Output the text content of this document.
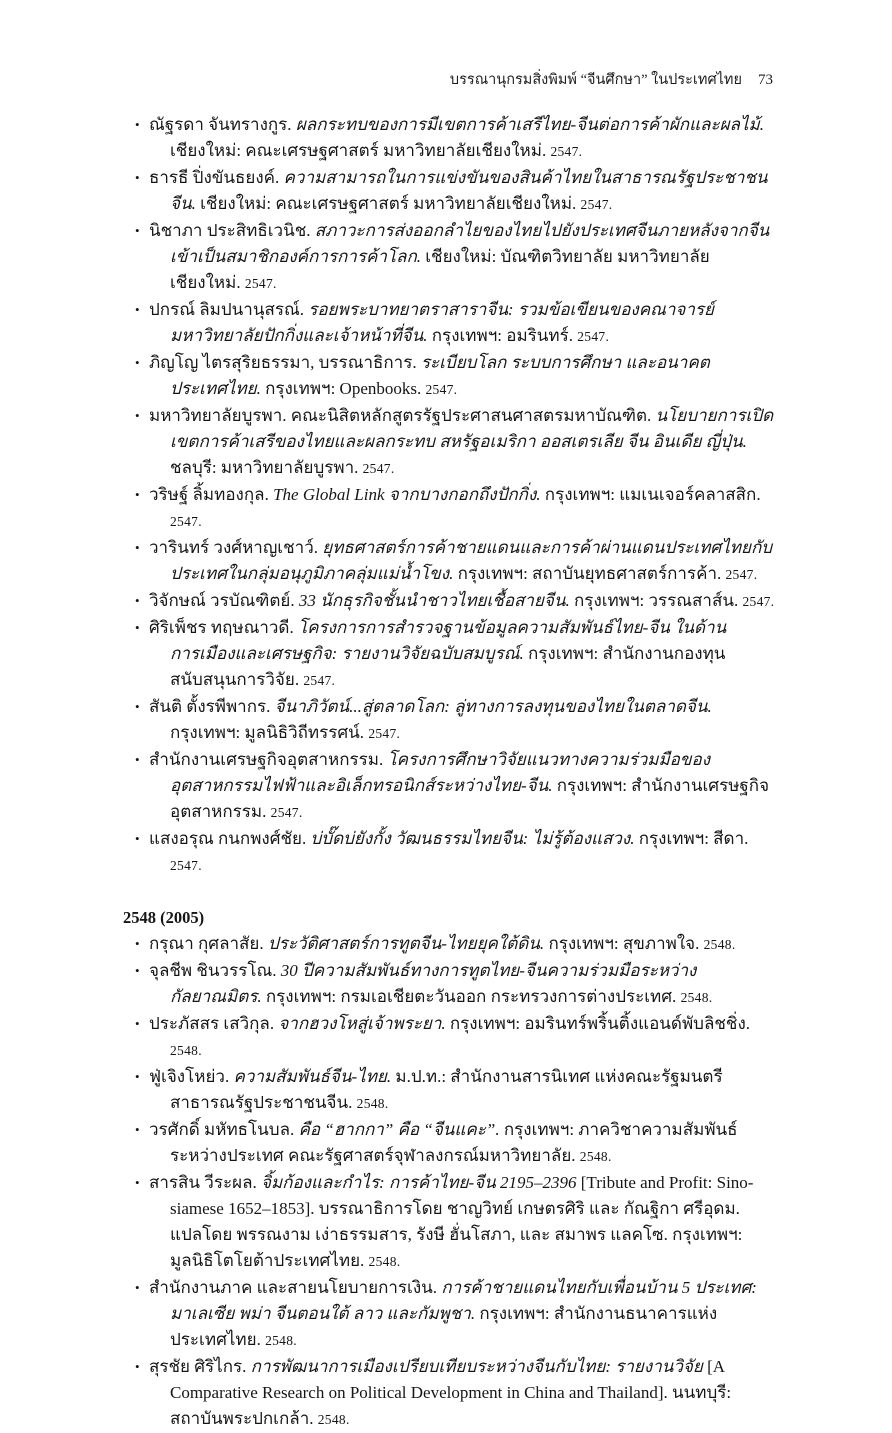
บรรณานุกรมสิ่งพิมพ์ “จีนศึกษา” ในประเทศไทย 73
• ณัฐรดา จันทรางกูร. ผลกระทบของการมีเขตการค้าเสรีไทย-จีนต่อการค้าผักและผลไม้. เชียงใหม่: คณะเศรษฐศาสตร์ มหาวิทยาลัยเชียงใหม่. 2547.
• ธารธี ปิ่งขันธยงค์. ความสามารถในการแข่งขันของสินค้าไทยในสาธารณรัฐประชาชนจีน. เชียงใหม่: คณะเศรษฐศาสตร์ มหาวิทยาลัยเชียงใหม่. 2547.
• นิชาภา ประสิทธิเวนิช. สภาวะการส่งออกลำไยของไทยไปยังประเทศจีนภายหลังจากจีนเข้าเป็นสมาชิกองค์การการค้าโลก. เชียงใหม่: บัณฑิตวิทยาลัย มหาวิทยาลัยเชียงใหม่. 2547.
• ปกรณ์ ลิมปนานุสรณ์. รอยพระบาทยาตราสาราจีน: รวมข้อเขียนของคณาจารย์มหาวิทยาลัยปักกิ่งและเจ้าหน้าที่จีน. กรุงเทพฯ: อมรินทร์. 2547.
• ภิญโญ ไตรสุริยธรรมา, บรรณาธิการ. ระเบียบโลก ระบบการศึกษา และอนาคตประเทศไทย. กรุงเทพฯ: Openbooks. 2547.
• มหาวิทยาลัยบูรพา. คณะนิสิตหลักสูตรรัฐประศาสนศาสตรมหาบัณฑิต. นโยบายการเปิดเขตการค้าเสรีของไทยและผลกระทบ สหรัฐอเมริกา ออสเตรเลีย จีน อินเดีย ญี่ปุ่น. ชลบุรี: มหาวิทยาลัยบูรพา. 2547.
• วริษฐ์ ลิ้มทองกุล. The Global Link จากบางกอกถึงปักกิ่ง. กรุงเทพฯ: แมเนเจอร์คลาสสิก. 2547.
• วารินทร์ วงศ์หาญเชาว์. ยุทธศาสตร์การค้าชายแดนและการค้าผ่านแดนประเทศไทยกับประเทศในกลุ่มอนุภูมิภาคลุ่มแม่น้ำโขง. กรุงเทพฯ: สถาบันยุทธศาสตร์การค้า. 2547.
• วิจักษณ์ วรบัณฑิตย์. 33 นักธุรกิจชั้นนำชาวไทยเชื้อสายจีน. กรุงเทพฯ: วรรณสาส์น. 2547.
• ศิริเพ็ชร ทฤษณาวดี. โครงการการสำรวจฐานข้อมูลความสัมพันธ์ไทย-จีน ในด้านการเมืองและเศรษฐกิจ: รายงานวิจัยฉบับสมบูรณ์. กรุงเทพฯ: สำนักงานกองทุนสนับสนุนการวิจัย. 2547.
• สันติ ตั้งรพีพากร. จีนาภิวัตน์...สู่ตลาดโลก: ลู่ทางการลงทุนของไทยในตลาดจีน. กรุงเทพฯ: มูลนิธิวิถีทรรศน์. 2547.
• สำนักงานเศรษฐกิจอุตสาหกรรม. โครงการศึกษาวิจัยแนวทางความร่วมมือของอุตสาหกรรมไฟฟ้าและอิเล็กทรอนิกส์ระหว่างไทย-จีน. กรุงเทพฯ: สำนักงานเศรษฐกิจอุตสาหกรรม. 2547.
• แสงอรุณ กนกพงศ์ชัย. บ่บั๊ดบ่ยังกั้ง วัฒนธรรมไทยจีน: ไม่รู้ต้องแสวง. กรุงเทพฯ: สีดา. 2547.
2548 (2005)
• กรุณา กุศลาสัย. ประวัติศาสตร์การทูตจีน-ไทยยุคใต้ดิน. กรุงเทพฯ: สุขภาพใจ. 2548.
• จุลชีพ ชินวรรโณ. 30 ปีความสัมพันธ์ทางการทูตไทย-จีนความร่วมมือระหว่างกัลยาณมิตร. กรุงเทพฯ: กรมเอเชียตะวันออก กระทรวงการต่างประเทศ. 2548.
• ประภัสสร เสวิกุล. จากฮวงโหสู่เจ้าพระยา. กรุงเทพฯ: อมรินทร์พริ้นติ้งแอนด์พับลิชชิ่ง. 2548.
• ฟู่เจิงโหย่ว. ความสัมพันธ์จีน-ไทย. ม.ป.ท.: สำนักงานสารนิเทศ แห่งคณะรัฐมนตรีสาธารณรัฐประชาชนจีน. 2548.
• วรศักดิ์ มหัทธโนบล. คือ “ฮากกา” คือ “จีนแคะ”. กรุงเทพฯ: ภาควิชาความสัมพันธ์ระหว่างประเทศ คณะรัฐศาสตร์จุฬาลงกรณ์มหาวิทยาลัย. 2548.
• สารสิน วีระผล. จิ้มก้องและกำไร: การค้าไทย-จีน 2195–2396 [Tribute and Profit: Sino-siamese 1652–1853]. บรรณาธิการโดย ชาญวิทย์ เกษตรศิริ และ กัณฐิกา ศรีอุดม. แปลโดย พรรณงาม เง่าธรรมสาร, รังษี ฮั่นโสภา, และ สมาพร แลคโซ. กรุงเทพฯ: มูลนิธิโตโยต้าประเทศไทย. 2548.
• สำนักงานภาค และสายนโยบายการเงิน. การค้าชายแดนไทยกับเพื่อนบ้าน 5 ประเทศ: มาเลเซีย พม่า จีนตอนใต้ ลาว และกัมพูชา. กรุงเทพฯ: สำนักงานธนาคารแห่งประเทศไทย. 2548.
• สุรชัย ศิริไกร. การพัฒนาการเมืองเปรียบเทียบระหว่างจีนกับไทย: รายงานวิจัย [A Comparative Research on Political Development in China and Thailand]. นนทบุรี: สถาบันพระปกเกล้า. 2548.
